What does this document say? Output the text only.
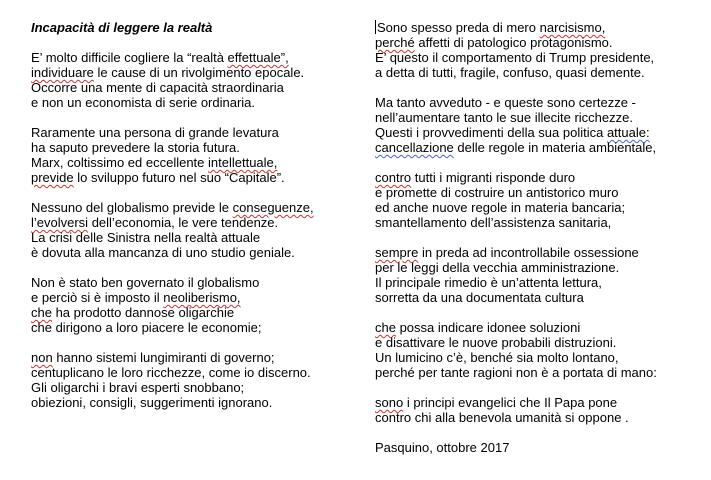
Incapacità di leggere la realtà
E’ molto difficile cogliere la “realtà effettuale”,
individuare le cause di un rivolgimento epocale.
Occorre una mente di capacità straordinaria
e non un economista di serie ordinaria.
Raramente una persona di grande levatura
ha saputo prevedere la storia futura.
Marx, coltissimo ed eccellente intellettuale,
previde lo sviluppo futuro nel suo “Capitale”.
Nessuno del globalismo previde le conseguenze,
l’evolversi dell’economia, le vere tendenze.
La crisi delle Sinistra nella realtà attuale
è dovuta alla mancanza di uno studio geniale.
Non è stato ben governato il globalismo
e perciò si è imposto il neoliberismo,
che ha prodotto dannose oligarchie
che dirigono a loro piacere le economie;
non hanno sistemi lungimiranti di governo;
centuplicano le loro ricchezze, come io discerno.
Gli oligarchi i bravi esperti snobbano;
obiezioni, consigli, suggerimenti ignorano.
Sono spesso preda di mero narcisismo,
perché affetti di patologico protagonismo.
E’ questo il comportamento di Trump presidente,
a detta di tutti, fragile, confuso, quasi demente.
Ma tanto avveduto - e queste sono certezze -
nell’aumentare tanto le sue illecite ricchezze.
Questi i provvedimenti della sua politica attuale:
cancellazione delle regole in materia ambientale,
contro tutti i migranti risponde duro
e promette di costruire un antistorico muro
ed anche nuove regole in materia bancaria;
smantellamento dell’assistenza sanitaria,
sempre in preda ad incontrollabile ossessione
per le leggi della vecchia amministrazione.
Il principale rimedio è un’attenta lettura,
sorretta da una documentata cultura
che possa indicare idonee soluzioni
e disattivare le nuove probabili distruzioni.
Un lumicino c’è, benché sia molto lontano,
perché per tante ragioni non è a portata di mano:
sono i principi evangelici che Il Papa pone
contro chi alla benevola umanità si oppone .
Pasquino, ottobre 2017
